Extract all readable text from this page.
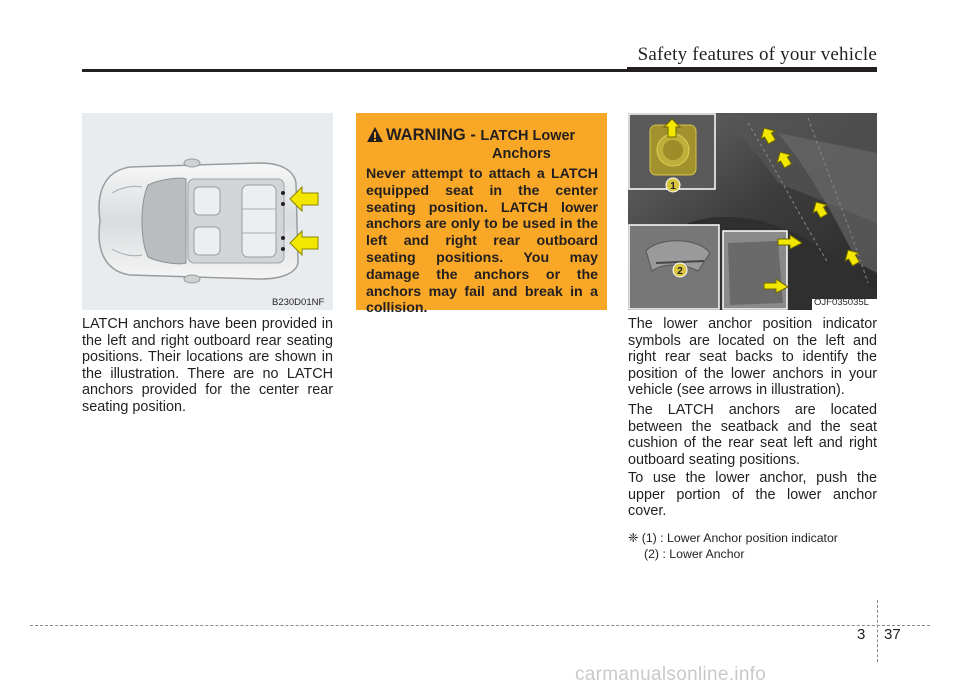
Safety features of your vehicle
B230D01NF
LATCH anchors have been provided in the left and right outboard rear seating positions. Their locations are shown in the illustration. There are no LATCH anchors provided for the center rear seating position.
WARNING - LATCH Lower
Anchors
Never attempt to attach a LATCH equipped seat in the center seating position. LATCH lower anchors are only to be used in the left and right rear outboard seating positions. You may damage the anchors or the anchors may fail and break in a collision.
1
2
OJF035035L
The lower anchor position indicator symbols are located on the left and right rear seat backs to identify the position of the lower anchors in your vehicle (see arrows in illustration).
The LATCH anchors are located between the seatback and the seat cushion of the rear seat left and right outboard seating positions.
To use the lower anchor, push the upper portion of the lower anchor cover.
❈ (1) : Lower Anchor position indicator
(2) : Lower Anchor
3 37
carmanualsonline.info
